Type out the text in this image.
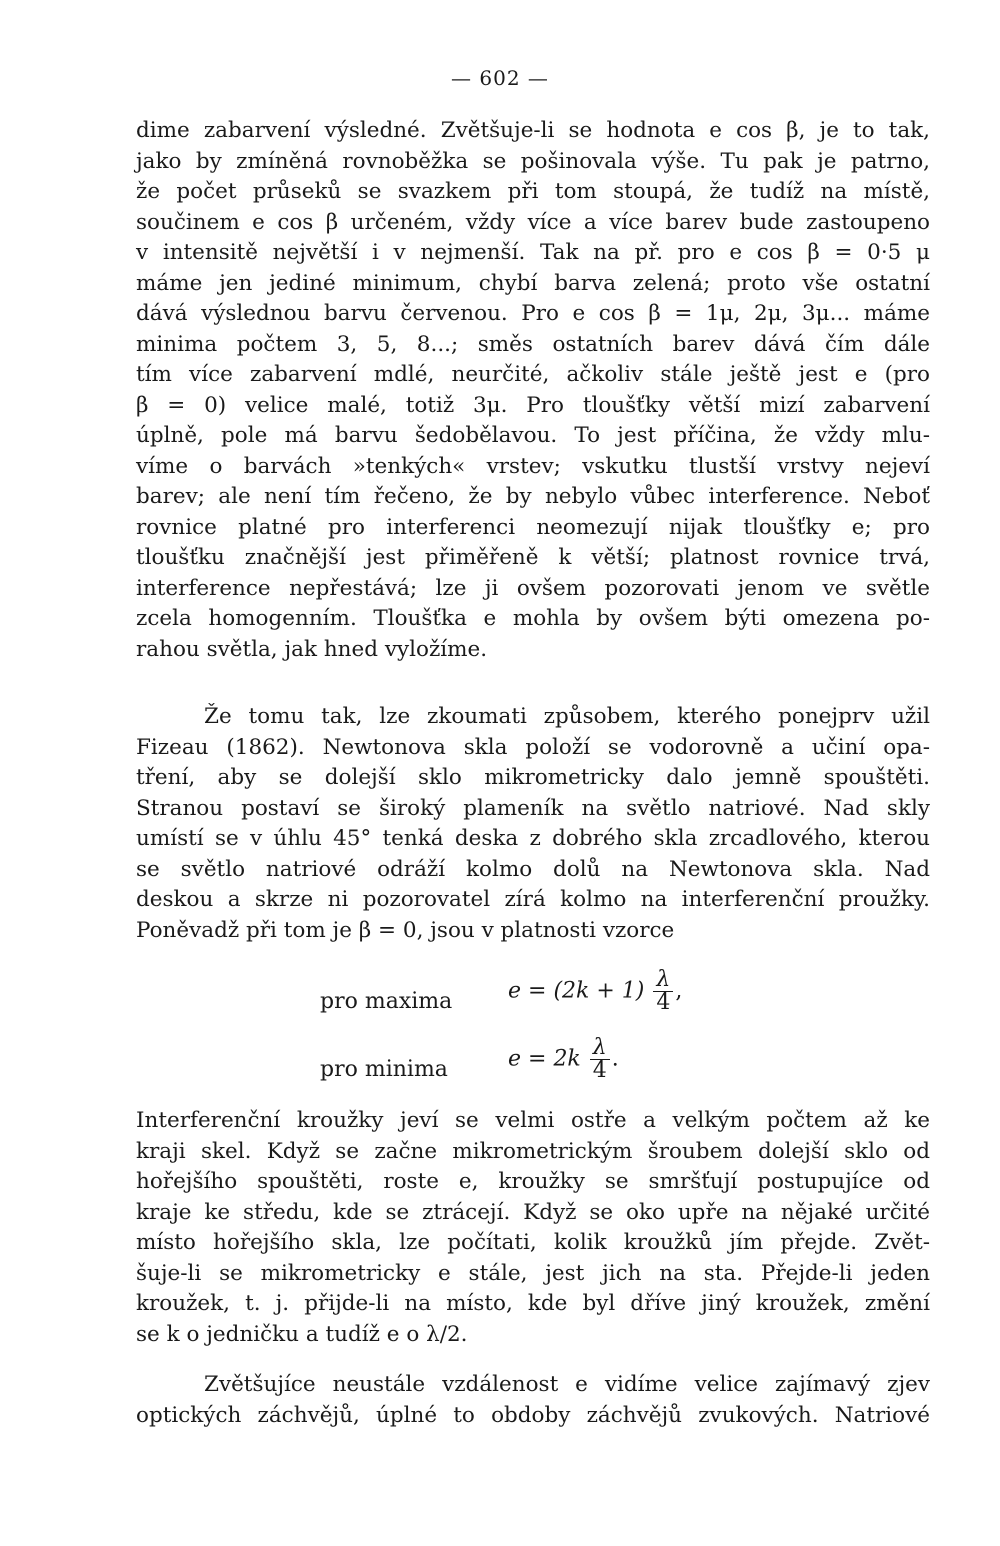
— 602 —
dime zabarvení výsledné. Zvětšuje-li se hodnota e cos β, je to tak,
jako by zmíněná rovnoběžka se pošinovala výše. Tu pak je patrno,
že počet průseků se svazkem při tom stoupá, že tudíž na místě,
součinem e cos β určeném, vždy více a více barev bude zastoupeno
v intensitě největší i v nejmenší. Tak na př. pro e cos β = 0·5 μ
máme jen jediné minimum, chybí barva zelená; proto vše ostatní
dává výslednou barvu červenou. Pro e cos β = 1μ, 2μ, 3μ... máme
minima počtem 3, 5, 8...; směs ostatních barev dává čím dále
tím více zabarvení mdlé, neurčité, ačkoliv stále ještě jest e (pro
β = 0) velice malé, totiž 3μ. Pro tloušťky větší mizí zabarvení
úplně, pole má barvu šedobělavou. To jest příčina, že vždy mlu-
víme o barvách »tenkých« vrstev; vskutku tlustší vrstvy nejeví
barev; ale není tím řečeno, že by nebylo vůbec interference. Neboť
rovnice platné pro interferenci neomezují nijak tloušťky e; pro
tloušťku značnější jest přiměřeně k větší; platnost rovnice trvá,
interference nepřestává; lze ji ovšem pozorovati jenom ve světle
zcela homogenním. Tloušťka e mohla by ovšem býti omezena po-
rahou světla, jak hned vyložíme.
Že tomu tak, lze zkoumati způsobem, kterého ponejprv užil
Fizeau (1862). Newtonova skla položí se vodorovně a učiní opa-
tření, aby se dolejší sklo mikrometricky dalo jemně spouštěti.
Stranou postaví se široký plameník na světlo natriové. Nad skly
umístí se v úhlu 45° tenká deska z dobrého skla zrcadlového, kterou
se světlo natriové odráží kolmo dolů na Newtonova skla. Nad
deskou a skrze ni pozorovatel zírá kolmo na interferenční proužky.
Poněvadž při tom je β = 0, jsou v platnosti vzorce
pro maxima	$e = (2k + 1) \frac{\lambda}{4}$ ,
pro minima	$e = 2k \frac{\lambda}{4}$ .
Interferenční kroužky jeví se velmi ostře a velkým počtem až ke
kraji skel. Když se začne mikrometrickým šroubem dolejší sklo od
hořejšího spouštěti, roste e, kroužky se smršťují postupujíce od
kraje ke středu, kde se ztrácejí. Když se oko upře na nějaké určité
místo hořejšího skla, lze počítati, kolik kroužků jím přejde. Zvět-
šuje-li se mikrometricky e stále, jest jich na sta. Přejde-li jeden
kroužek, t. j. přijde-li na místo, kde byl dříve jiný kroužek, změní
se k o jedničku a tudíž e o λ/2.
Zvětšujíce neustále vzdálenost e vidíme velice zajímavý zjev
optických záchvějů, úplné to obdoby záchvějů zvukových. Natriové
